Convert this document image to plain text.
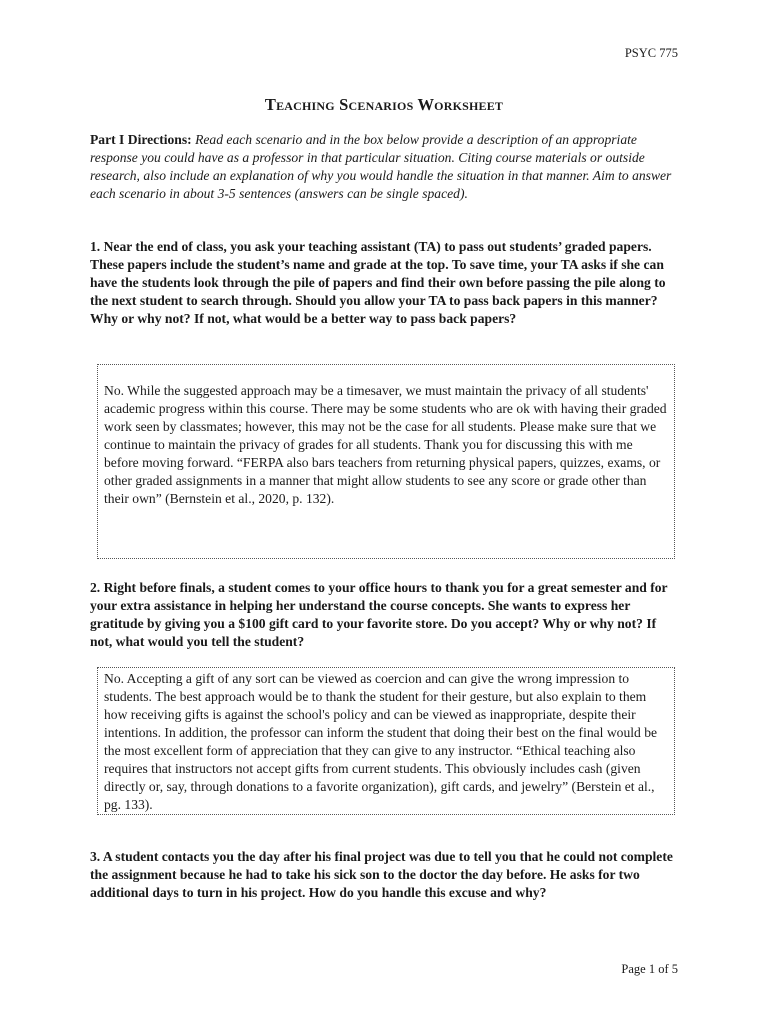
PSYC 775
Teaching Scenarios Worksheet
Part I Directions: Read each scenario and in the box below provide a description of an appropriate response you could have as a professor in that particular situation. Citing course materials or outside research, also include an explanation of why you would handle the situation in that manner. Aim to answer each scenario in about 3-5 sentences (answers can be single spaced).
1. Near the end of class, you ask your teaching assistant (TA) to pass out students’ graded papers. These papers include the student’s name and grade at the top. To save time, your TA asks if she can have the students look through the pile of papers and find their own before passing the pile along to the next student to search through. Should you allow your TA to pass back papers in this manner? Why or why not? If not, what would be a better way to pass back papers?
No. While the suggested approach may be a timesaver, we must maintain the privacy of all students' academic progress within this course. There may be some students who are ok with having their graded work seen by classmates; however, this may not be the case for all students. Please make sure that we continue to maintain the privacy of grades for all students. Thank you for discussing this with me before moving forward. “FERPA also bars teachers from returning physical papers, quizzes, exams, or other graded assignments in a manner that might allow students to see any score or grade other than their own” (Bernstein et al., 2020, p. 132).
2. Right before finals, a student comes to your office hours to thank you for a great semester and for your extra assistance in helping her understand the course concepts. She wants to express her gratitude by giving you a $100 gift card to your favorite store. Do you accept? Why or why not? If not, what would you tell the student?
No. Accepting a gift of any sort can be viewed as coercion and can give the wrong impression to students. The best approach would be to thank the student for their gesture, but also explain to them how receiving gifts is against the school's policy and can be viewed as inappropriate, despite their intentions. In addition, the professor can inform the student that doing their best on the final would be the most excellent form of appreciation that they can give to any instructor. “Ethical teaching also requires that instructors not accept gifts from current students. This obviously includes cash (given directly or, say, through donations to a favorite organization), gift cards, and jewelry” (Berstein et al., pg. 133).
3. A student contacts you the day after his final project was due to tell you that he could not complete the assignment because he had to take his sick son to the doctor the day before. He asks for two additional days to turn in his project. How do you handle this excuse and why?
Page 1 of 5
